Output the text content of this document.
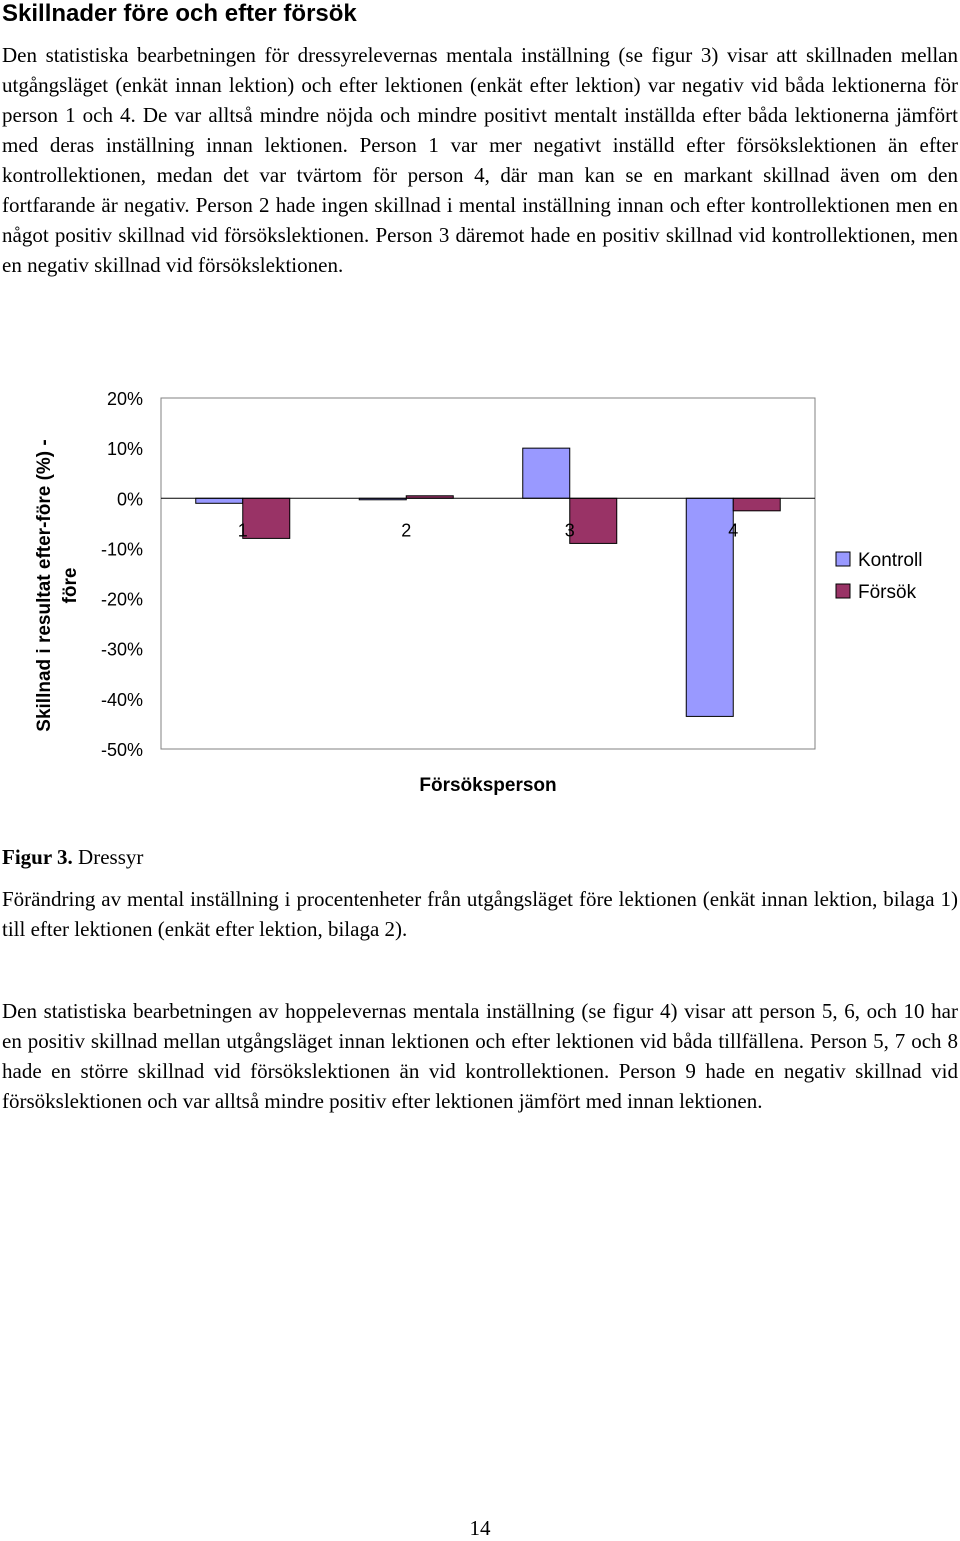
Skillnader före och efter försök

Den statistiska bearbetningen för dressyrelevernas mentala inställning (se figur 3) visar att skillnaden mellan utgångsläget (enkät innan lektion) och efter lektionen (enkät efter lektion) var negativ vid båda lektionerna för person 1 och 4. De var alltså mindre nöjda och mindre positivt mentalt inställda efter båda lektionerna jämfört med deras inställning innan lektionen. Person 1 var mer negativt inställd efter försökslektionen än efter kontrollektionen, medan det var tvärtom för person 4, där man kan se en markant skillnad även om den fortfarande är negativ. Person 2 hade ingen skillnad i mental inställning innan och efter kontrollektionen men en något positiv skillnad vid försökslektionen. Person 3 däremot hade en positiv skillnad vid kontrollektionen, men en negativ skillnad vid försökslektionen.

20%
10%
0%
-10%
-20%
-30%
-40%
-50%
1	2	3	4
Försöksperson
Skillnad i resultat efter-före (%) - före
Kontroll
Försök
Figur 3. Dressyr

Förändring av mental inställning i procentenheter från utgångsläget före lektionen (enkät innan lektion, bilaga 1) till efter lektionen (enkät efter lektion, bilaga 2).

Den statistiska bearbetningen av hoppelevernas mentala inställning (se figur 4) visar att person 5, 6, och 10 har en positiv skillnad mellan utgångsläget innan lektionen och efter lektionen vid båda tillfällena. Person 5, 7 och 8 hade en större skillnad vid försökslektionen än vid kontrollektionen. Person 9 hade en negativ skillnad vid försökslektionen och var alltså mindre positiv efter lektionen jämfört med innan lektionen.

14
